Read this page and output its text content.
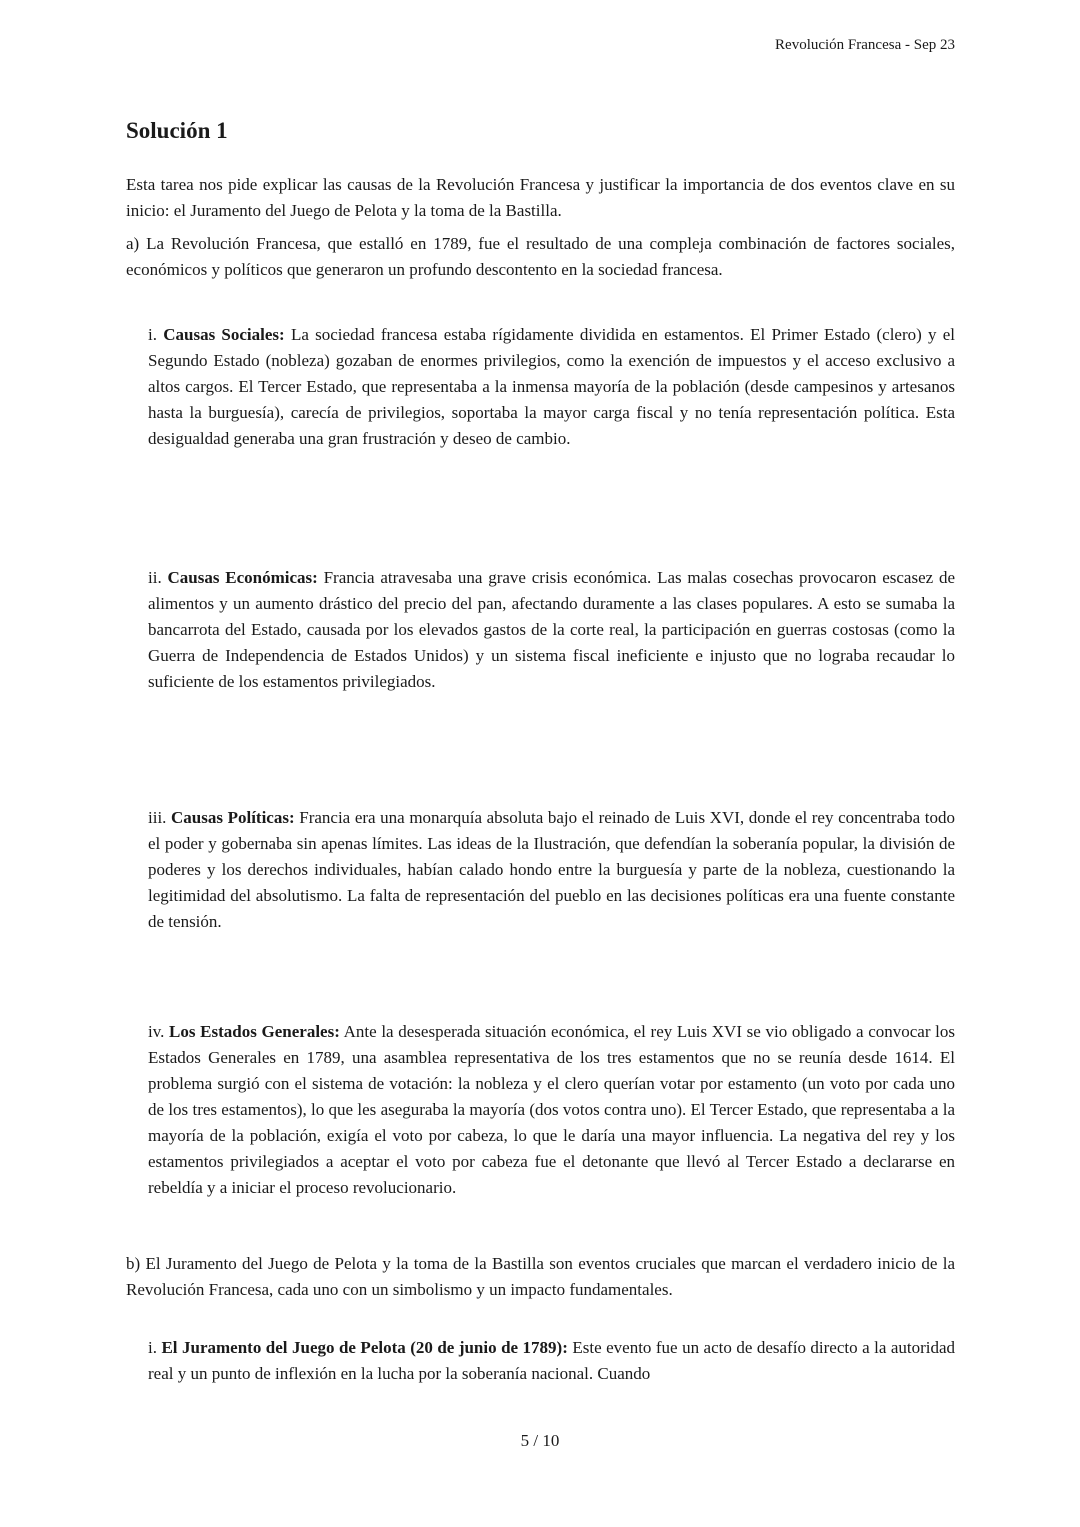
Revolución Francesa - Sep 23
Solución 1

Esta tarea nos pide explicar las causas de la Revolución Francesa y justificar la importancia de dos eventos clave en su inicio: el Juramento del Juego de Pelota y la toma de la Bastilla.

a) La Revolución Francesa, que estalló en 1789, fue el resultado de una compleja combinación de factores sociales, económicos y políticos que generaron un profundo descontento en la sociedad francesa.

i. Causas Sociales: La sociedad francesa estaba rígidamente dividida en estamentos. El Primer Estado (clero) y el Segundo Estado (nobleza) gozaban de enormes privilegios, como la exención de impuestos y el acceso exclusivo a altos cargos. El Tercer Estado, que representaba a la inmensa mayoría de la población (desde campesinos y artesanos hasta la burguesía), carecía de privilegios, soportaba la mayor carga fiscal y no tenía representación política. Esta desigualdad generaba una gran frustración y deseo de cambio.

ii. Causas Económicas: Francia atravesaba una grave crisis económica. Las malas cosechas provocaron escasez de alimentos y un aumento drástico del precio del pan, afectando duramente a las clases populares. A esto se sumaba la bancarrota del Estado, causada por los elevados gastos de la corte real, la participación en guerras costosas (como la Guerra de Independencia de Estados Unidos) y un sistema fiscal ineficiente e injusto que no lograba recaudar lo suficiente de los estamentos privilegiados.

iii. Causas Políticas: Francia era una monarquía absoluta bajo el reinado de Luis XVI, donde el rey concentraba todo el poder y gobernaba sin apenas límites. Las ideas de la Ilustración, que defendían la soberanía popular, la división de poderes y los derechos individuales, habían calado hondo entre la burguesía y parte de la nobleza, cuestionando la legitimidad del absolutismo. La falta de representación del pueblo en las decisiones políticas era una fuente constante de tensión.

iv. Los Estados Generales: Ante la desesperada situación económica, el rey Luis XVI se vio obligado a convocar los Estados Generales en 1789, una asamblea representativa de los tres estamentos que no se reunía desde 1614. El problema surgió con el sistema de votación: la nobleza y el clero querían votar por estamento (un voto por cada uno de los tres estamentos), lo que les aseguraba la mayoría (dos votos contra uno). El Tercer Estado, que representaba a la mayoría de la población, exigía el voto por cabeza, lo que le daría una mayor influencia. La negativa del rey y los estamentos privilegiados a aceptar el voto por cabeza fue el detonante que llevó al Tercer Estado a declararse en rebeldía y a iniciar el proceso revolucionario.

b) El Juramento del Juego de Pelota y la toma de la Bastilla son eventos cruciales que marcan el verdadero inicio de la Revolución Francesa, cada uno con un simbolismo y un impacto fundamentales.

i. El Juramento del Juego de Pelota (20 de junio de 1789): Este evento fue un acto de desafío directo a la autoridad real y un punto de inflexión en la lucha por la soberanía nacional. Cuando

5 / 10
